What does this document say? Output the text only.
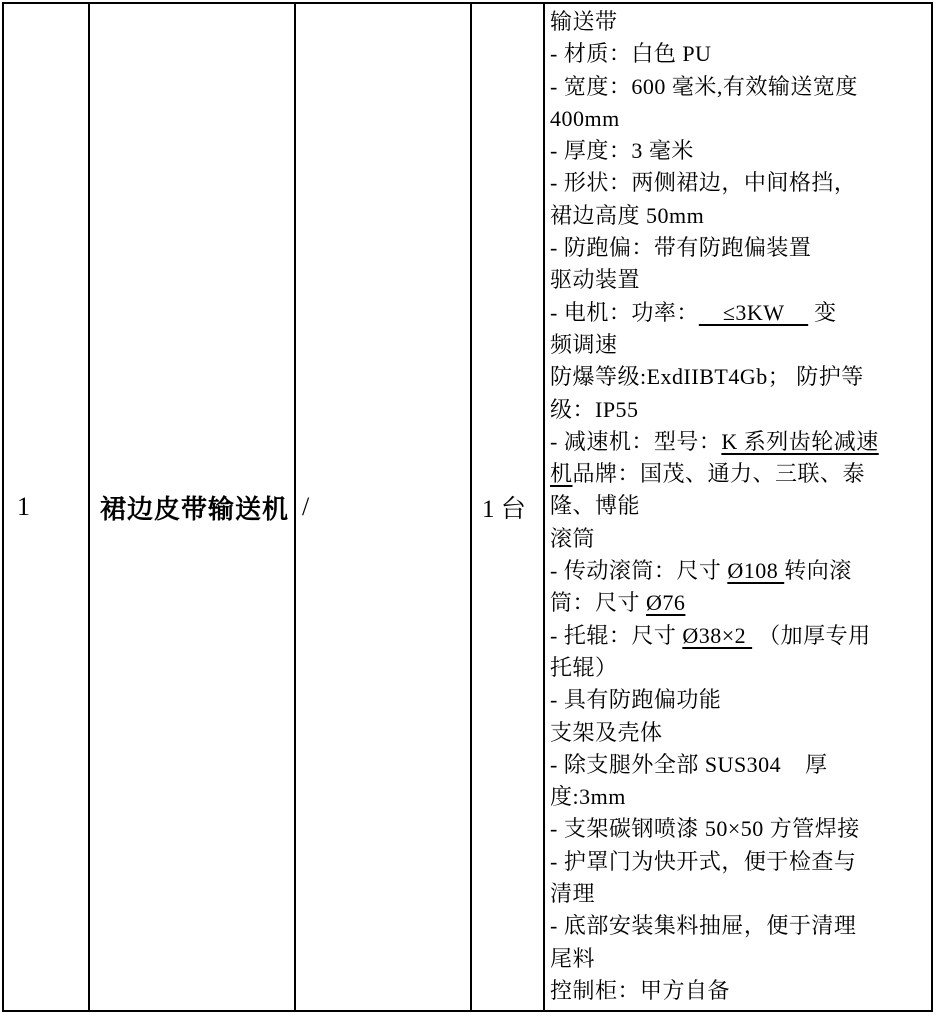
1	裙边皮带输送机 /	1 台
输送带
- 材质：白色 PU
- 宽度：600 毫米,有效输送宽度
400mm
- 厚度：3 毫米
- 形状：两侧裙边，中间格挡，
裙边高度 50mm
- 防跑偏：带有防跑偏装置
驱动装置
- 电机：功率：    ≤3KW     变
频调速
防爆等级:ExdIIBT4Gb； 防护等
级：IP55
- 减速机：型号：K 系列齿轮减速
机品牌：国茂、通力、三联、泰
隆、博能
滚筒
- 传动滚筒：尺寸 Ø108 转向滚
筒：尺寸 Ø76
- 托辊：尺寸 Ø38×2  （加厚专用
托辊）
- 具有防跑偏功能
支架及壳体
- 除支腿外全部 SUS304    厚
度:3mm
- 支架碳钢喷漆 50×50 方管焊接
- 护罩门为快开式，便于检查与
清理
- 底部安装集料抽屉，便于清理
尾料
控制柜：甲方自备
